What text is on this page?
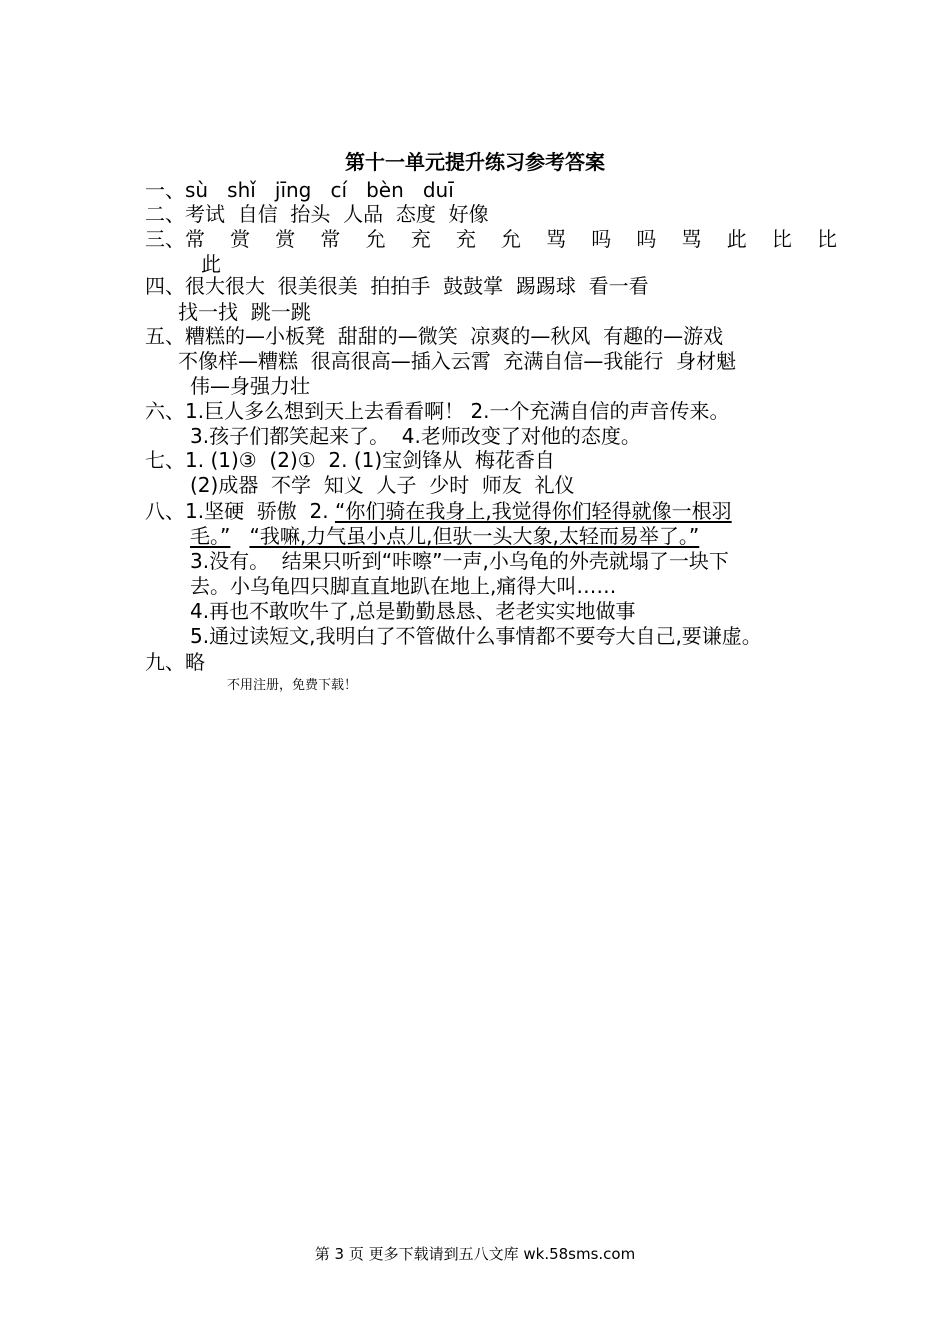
第十一单元提升练习参考答案
一、sù   shǐ   jīng   cí   bèn   duī
二、考试  自信  抬头  人品  态度  好像
三、常 赏 赏 常 允 充 充 允 骂 吗 吗 骂 此 比 比
此
四、很大很大  很美很美  拍拍手  鼓鼓掌  踢踢球  看一看
找一找  跳一跳
五、糟糕的—小板凳  甜甜的—微笑  凉爽的—秋风  有趣的—游戏
不像样—糟糕  很高很高—插入云霄  充满自信—我能行  身材魁
伟—身强力壮
六、1.巨人多么想到天上去看看啊！ 2.一个充满自信的声音传来。
3.孩子们都笑起来了。  4.老师改变了对他的态度。
七、1. (1)③  (2)①  2. (1)宝剑锋从  梅花香自
(2)成器  不学  知义  人子  少时  师友  礼仪
八、1.坚硬  骄傲  2. “你们骑在我身上,我觉得你们轻得就像一根羽
毛。” “我嘛,力气虽小点儿,但驮一头大象,太轻而易举了。”
3.没有。  结果只听到“咔嚓”一声,小乌龟的外壳就塌了一块下
去。小乌龟四只脚直直地趴在地上,痛得大叫……
4.再也不敢吹牛了,总是勤勤恳恳、老老实实地做事
5.通过读短文,我明白了不管做什么事情都不要夸大自己,要谦虚。
九、略
不用注册，免费下载！
第 3 页 更多下载请到五八文库 wk.58sms.com
